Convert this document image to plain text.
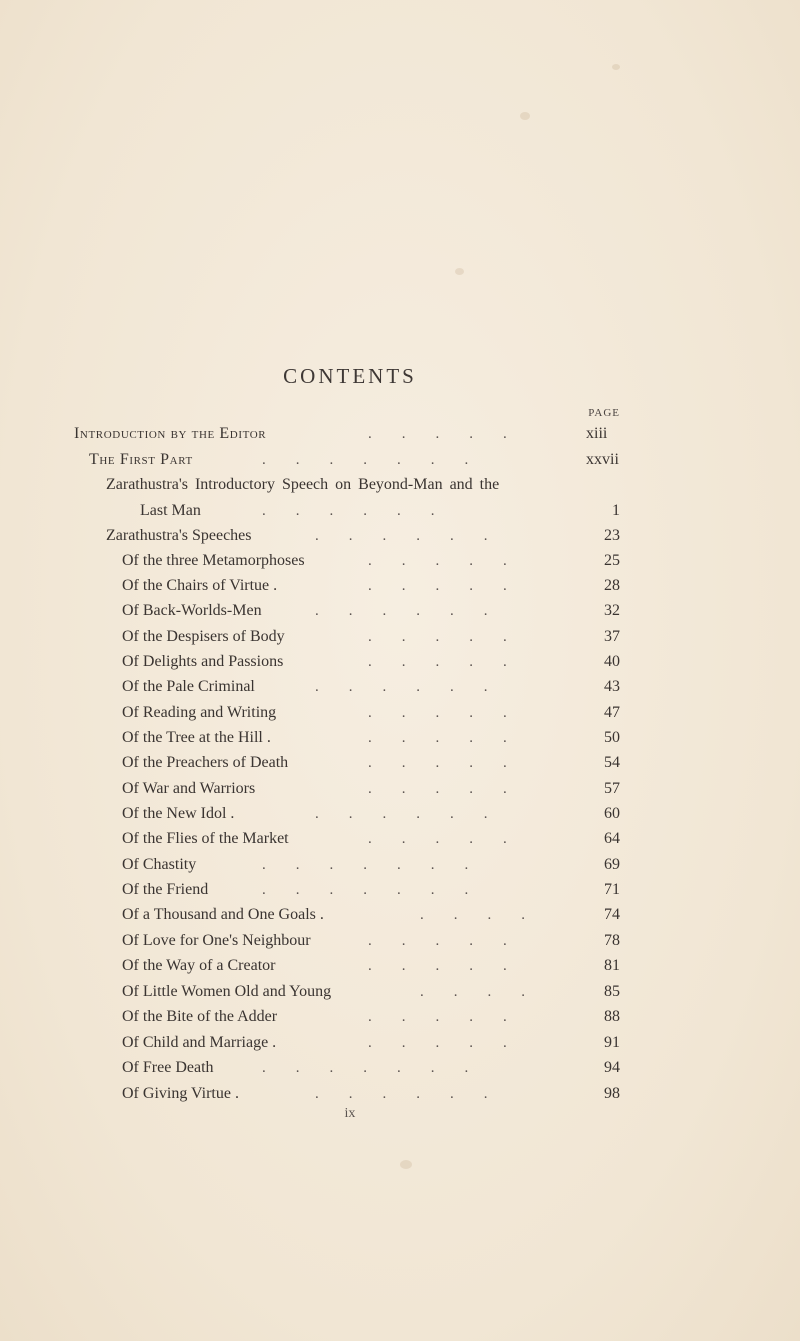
CONTENTS
PAGE
Introduction by the Editor	.        .        .        .        .	xiii
The First Part	.        .        .        .        .        .        .	xxvii
Zarathustra's Introductory Speech on Beyond-Man and the
Last Man	.        .        .        .        .        .	1
Zarathustra's Speeches	.        .        .        .        .        .	23
Of the three Metamorphoses	.        .        .        .        .	25
Of the Chairs of Virtue .	.        .        .        .        .	28
Of Back-Worlds-Men	.        .        .        .        .        .	32
Of the Despisers of Body	.        .        .        .        .	37
Of Delights and Passions	.        .        .        .        .	40
Of the Pale Criminal	.        .        .        .        .        .	43
Of Reading and Writing	.        .        .        .        .	47
Of the Tree at the Hill .	.        .        .        .        .	50
Of the Preachers of Death	.        .        .        .        .	54
Of War and Warriors	.        .        .        .        .	57
Of the New Idol .	.        .        .        .        .        .	60
Of the Flies of the Market	.        .        .        .        .	64
Of Chastity	.        .        .        .        .        .        .	69
Of the Friend	.        .        .        .        .        .        .	71
Of a Thousand and One Goals .	.        .        .        .	74
Of Love for One's Neighbour	.        .        .        .        .	78
Of the Way of a Creator	.        .        .        .        .	81
Of Little Women Old and Young	.        .        .        .	85
Of the Bite of the Adder	.        .        .        .        .	88
Of Child and Marriage .	.        .        .        .        .	91
Of Free Death	.        .        .        .        .        .        .	94
Of Giving Virtue .	.        .        .        .        .        .	98
ix
